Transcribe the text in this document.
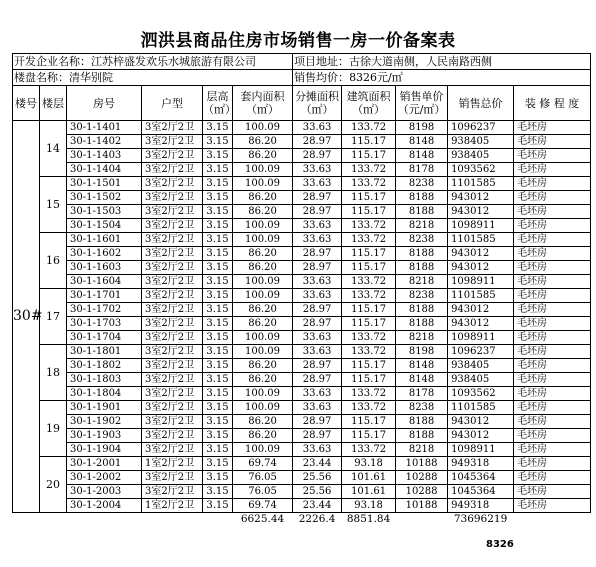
泗洪县商品住房市场销售一房一价备案表
开发企业名称：江苏梓盛发欢乐水城旅游有限公司						项目地址：古徐大道南侧，人民南路西侧				
楼盘名称：清华别院						销售均价：8326元/㎡				
楼号	楼层	房号	户型	层高（㎡）	套内面积（㎡）	分摊面积（㎡）	建筑面积（㎡）	销售单价（元/㎡）	销售总价	装 修 程 度
30#	14	30-1-1401	3室2厅2卫	3.15	100.09	33.63	133.72	8198	1096237	毛坯房
		30-1-1402	3室2厅2卫	3.15	86.20	28.97	115.17	8148	938405	毛坯房
		30-1-1403	3室2厅2卫	3.15	86.20	28.97	115.17	8148	938405	毛坯房
		30-1-1404	3室2厅2卫	3.15	100.09	33.63	133.72	8178	1093562	毛坯房
	15	30-1-1501	3室2厅2卫	3.15	100.09	33.63	133.72	8238	1101585	毛坯房
		30-1-1502	3室2厅2卫	3.15	86.20	28.97	115.17	8188	943012	毛坯房
		30-1-1503	3室2厅2卫	3.15	86.20	28.97	115.17	8188	943012	毛坯房
		30-1-1504	3室2厅2卫	3.15	100.09	33.63	133.72	8218	1098911	毛坯房
	16	30-1-1601	3室2厅2卫	3.15	100.09	33.63	133.72	8238	1101585	毛坯房
		30-1-1602	3室2厅2卫	3.15	86.20	28.97	115.17	8188	943012	毛坯房
		30-1-1603	3室2厅2卫	3.15	86.20	28.97	115.17	8188	943012	毛坯房
		30-1-1604	3室2厅2卫	3.15	100.09	33.63	133.72	8218	1098911	毛坯房
	17	30-1-1701	3室2厅2卫	3.15	100.09	33.63	133.72	8238	1101585	毛坯房
		30-1-1702	3室2厅2卫	3.15	86.20	28.97	115.17	8188	943012	毛坯房
		30-1-1703	3室2厅2卫	3.15	86.20	28.97	115.17	8188	943012	毛坯房
		30-1-1704	3室2厅2卫	3.15	100.09	33.63	133.72	8218	1098911	毛坯房
	18	30-1-1801	3室2厅2卫	3.15	100.09	33.63	133.72	8198	1096237	毛坯房
		30-1-1802	3室2厅2卫	3.15	86.20	28.97	115.17	8148	938405	毛坯房
		30-1-1803	3室2厅2卫	3.15	86.20	28.97	115.17	8148	938405	毛坯房
		30-1-1804	3室2厅2卫	3.15	100.09	33.63	133.72	8178	1093562	毛坯房
	19	30-1-1901	3室2厅2卫	3.15	100.09	33.63	133.72	8238	1101585	毛坯房
		30-1-1902	3室2厅2卫	3.15	86.20	28.97	115.17	8188	943012	毛坯房
		30-1-1903	3室2厅2卫	3.15	86.20	28.97	115.17	8188	943012	毛坯房
		30-1-1904	3室2厅2卫	3.15	100.09	33.63	133.72	8218	1098911	毛坯房
	20	30-1-2001	1室2厅2卫	3.15	69.74	23.44	93.18	10188	949318	毛坯房
		30-1-2002	3室2厅2卫	3.15	76.05	25.56	101.61	10288	1045364	毛坯房
		30-1-2003	3室2厅2卫	3.15	76.05	25.56	101.61	10288	1045364	毛坯房
		30-1-2004	1室2厅2卫	3.15	69.74	23.44	93.18	10188	949318	毛坯房
					6625.44	2226.4	8851.84		73696219	
8326
